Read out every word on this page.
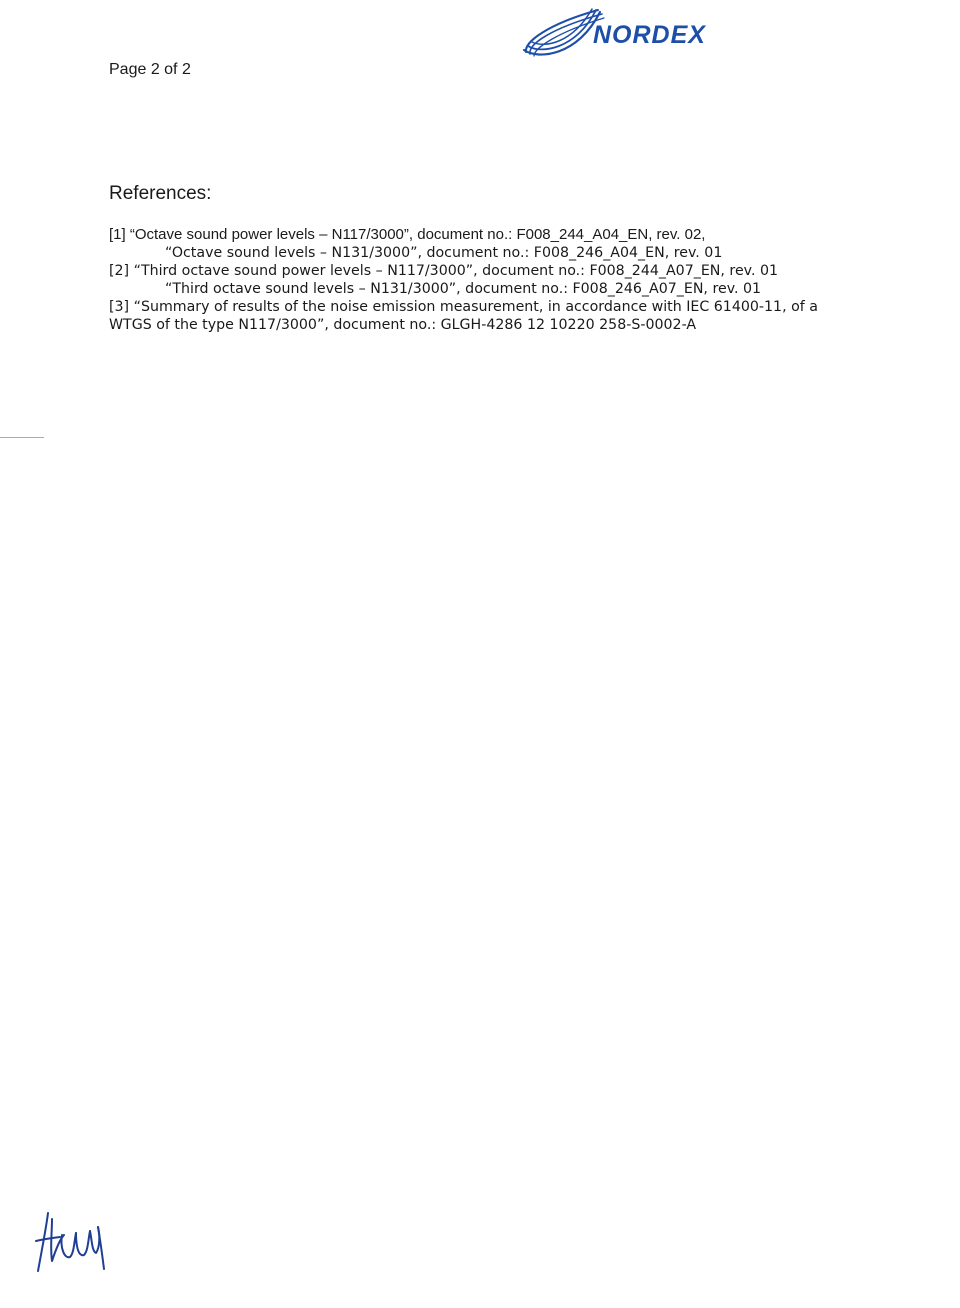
Page 2 of 2
NORDEX
References:
[1] “Octave sound power levels – N117/3000”, document no.: F008_244_A04_EN, rev. 02,
“Octave sound levels – N131/3000”, document no.: F008_246_A04_EN, rev. 01
[2] “Third octave sound power levels – N117/3000”, document no.: F008_244_A07_EN, rev. 01
“Third octave sound levels – N131/3000”, document no.: F008_246_A07_EN, rev. 01
[3] “Summary of results of the noise emission measurement, in accordance with IEC 61400-11, of a
WTGS of the type N117/3000”, document no.: GLGH-4286 12 10220 258-S-0002-A
